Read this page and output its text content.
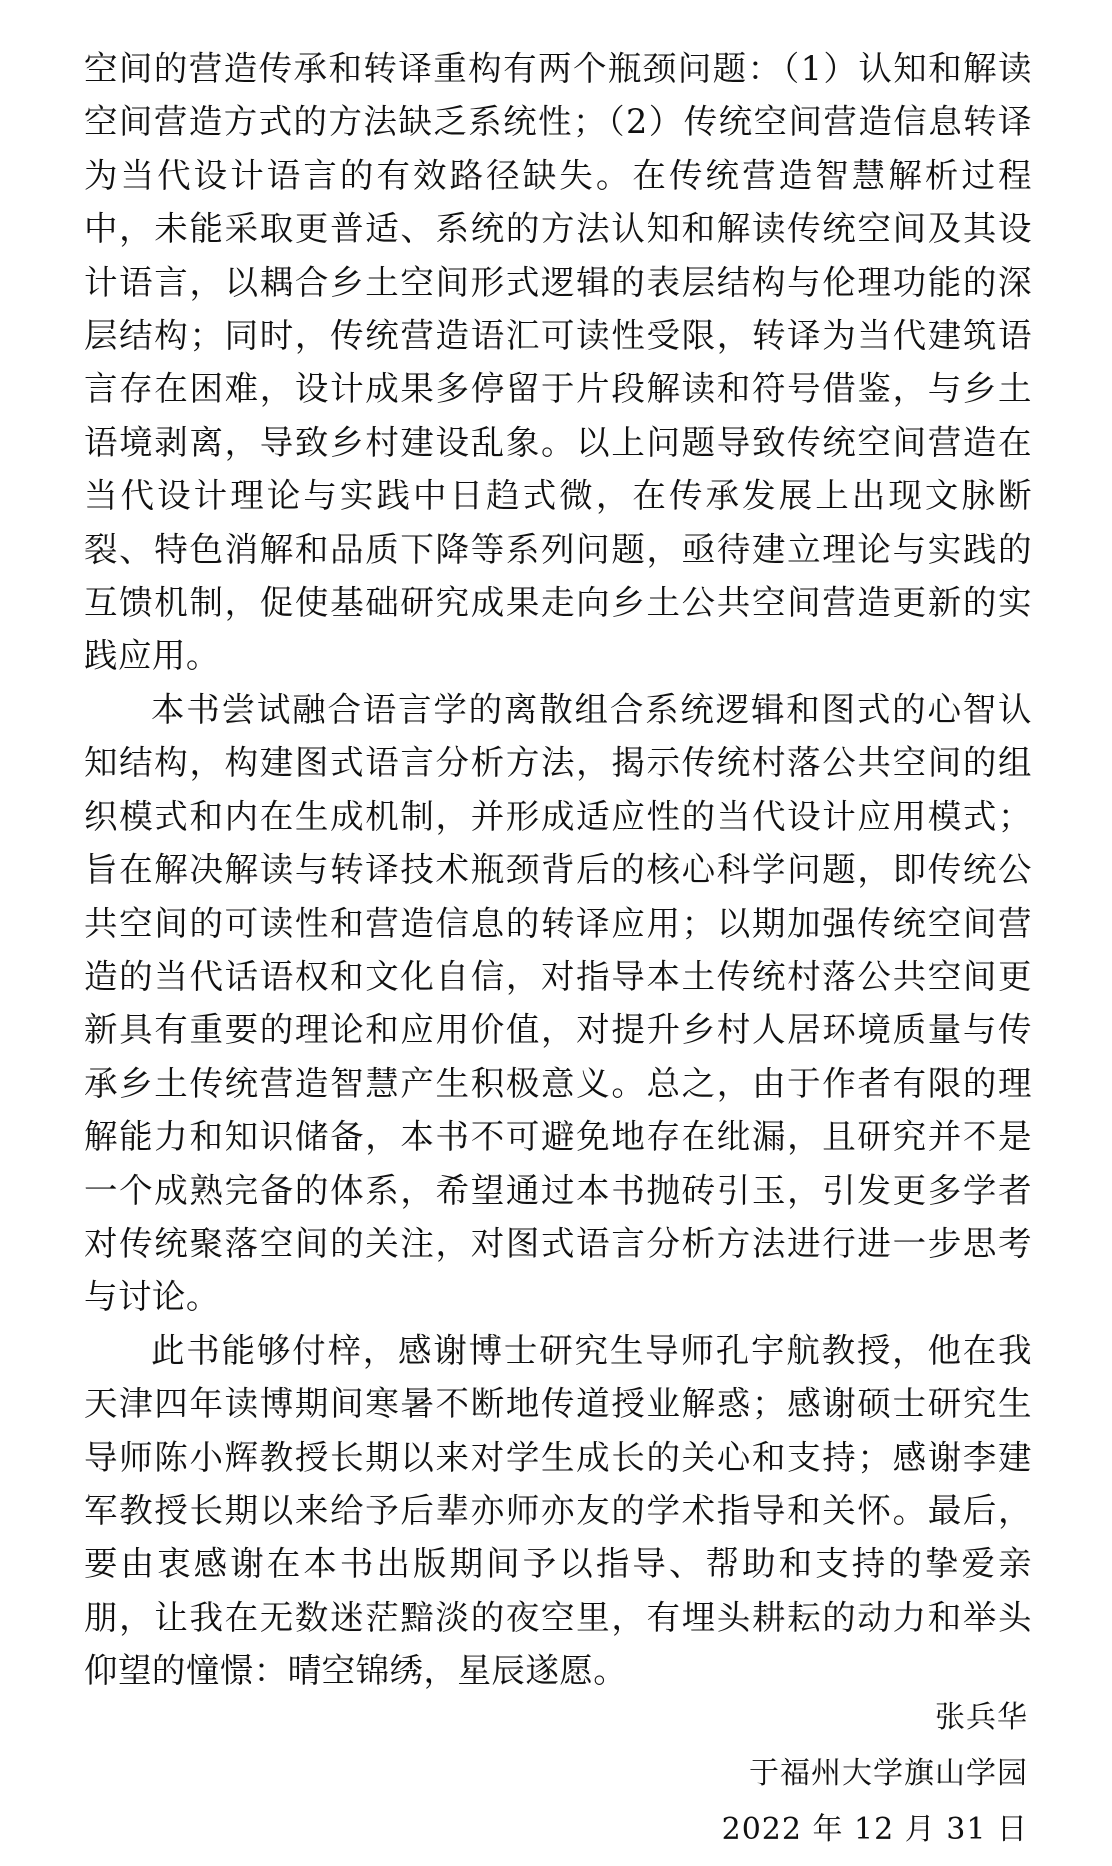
空间的营造传承和转译重构有两个瓶颈问题：（1）认知和解读空间营造方式的方法缺乏系统性；（2）传统空间营造信息转译为当代设计语言的有效路径缺失。在传统营造智慧解析过程中，未能采取更普适、系统的方法认知和解读传统空间及其设计语言，以耦合乡土空间形式逻辑的表层结构与伦理功能的深层结构；同时，传统营造语汇可读性受限，转译为当代建筑语言存在困难，设计成果多停留于片段解读和符号借鉴，与乡土语境剥离，导致乡村建设乱象。以上问题导致传统空间营造在当代设计理论与实践中日趋式微，在传承发展上出现文脉断裂、特色消解和品质下降等系列问题，亟待建立理论与实践的互馈机制，促使基础研究成果走向乡土公共空间营造更新的实践应用。

本书尝试融合语言学的离散组合系统逻辑和图式的心智认知结构，构建图式语言分析方法，揭示传统村落公共空间的组织模式和内在生成机制，并形成适应性的当代设计应用模式；旨在解决解读与转译技术瓶颈背后的核心科学问题，即传统公共空间的可读性和营造信息的转译应用；以期加强传统空间营造的当代话语权和文化自信，对指导本土传统村落公共空间更新具有重要的理论和应用价值，对提升乡村人居环境质量与传承乡土传统营造智慧产生积极意义。总之，由于作者有限的理解能力和知识储备，本书不可避免地存在纰漏，且研究并不是一个成熟完备的体系，希望通过本书抛砖引玉，引发更多学者对传统聚落空间的关注，对图式语言分析方法进行进一步思考与讨论。

此书能够付梓，感谢博士研究生导师孔宇航教授，他在我天津四年读博期间寒暑不断地传道授业解惑；感谢硕士研究生导师陈小辉教授长期以来对学生成长的关心和支持；感谢李建军教授长期以来给予后辈亦师亦友的学术指导和关怀。最后，要由衷感谢在本书出版期间予以指导、帮助和支持的挚爱亲朋，让我在无数迷茫黯淡的夜空里，有埋头耕耘的动力和举头仰望的憧憬：晴空锦绣，星辰遂愿。

张兵华
于福州大学旗山学园
2022 年 12 月 31 日
